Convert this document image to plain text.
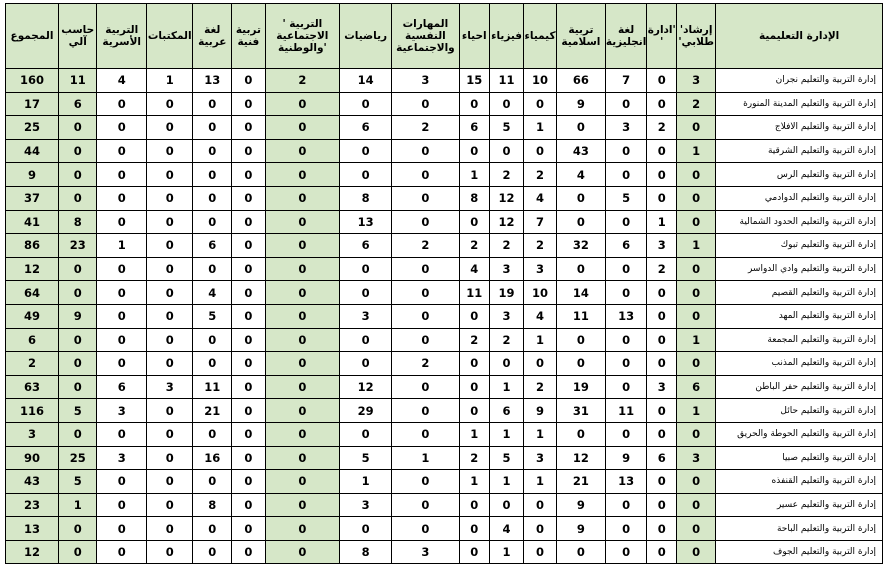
الإدارة التعليمية	إرشاد' طلابي'	'ادارة '	لغة انجليزية	تربية اسلامية	كيمياء	فيزياء	احياء	المهارات النفسية والاجتماعية	رياضيات	التربية ' الاجتماعية 'والوطنية	تربية فنية	لغة عربية	المكتبات	التربية الأسرية	حاسب آلي	المجموع
إدارة التربية والتعليم نجران	3	0	7	66	10	11	15	3	14	2	0	13	1	4	11	160
إدارة التربية والتعليم المدينة المنورة	2	0	0	9	0	0	0	0	0	0	0	0	0	0	6	17
إدارة التربية والتعليم الافلاج	0	2	3	0	1	5	6	2	6	0	0	0	0	0	0	25
إدارة التربية والتعليم الشرقية	1	0	0	43	0	0	0	0	0	0	0	0	0	0	0	44
إدارة التربية والتعليم الرس	0	0	0	4	2	2	1	0	0	0	0	0	0	0	0	9
إدارة التربية والتعليم الدوادمي	0	0	5	0	4	12	8	0	8	0	0	0	0	0	0	37
إدارة التربية والتعليم الحدود الشمالية	0	1	0	0	7	12	0	0	13	0	0	0	0	0	8	41
إدارة التربية والتعليم تبوك	1	3	6	32	2	2	2	2	6	0	0	6	0	1	23	86
إدارة التربية والتعليم وادي الدواسر	0	2	0	0	3	3	4	0	0	0	0	0	0	0	0	12
إدارة التربية والتعليم القصيم	0	0	0	14	10	19	11	0	0	0	0	4	0	0	0	64
إدارة التربية والتعليم المهد	0	0	13	11	4	3	0	0	3	0	0	5	0	0	9	49
إدارة التربية والتعليم المجمعة	1	0	0	0	1	2	2	0	0	0	0	0	0	0	0	6
إدارة التربية والتعليم المذنب	0	0	0	0	0	0	0	2	0	0	0	0	0	0	0	2
إدارة التربية والتعليم حفر الباطن	6	3	0	19	2	1	0	0	12	0	0	11	3	6	0	63
إدارة التربية والتعليم حائل	1	0	11	31	9	6	0	0	29	0	0	21	0	3	5	116
إدارة التربية والتعليم الحوطة والحريق	0	0	0	0	1	1	1	0	0	0	0	0	0	0	0	3
إدارة التربية والتعليم صبيا	3	6	9	12	3	5	2	1	5	0	0	16	0	3	25	90
إدارة التربية والتعليم القنفذه	0	0	13	21	1	1	1	0	1	0	0	0	0	0	5	43
إدارة التربية والتعليم عسير	0	0	0	9	0	0	0	0	3	0	0	8	0	0	1	23
إدارة التربية والتعليم الباحة	0	0	0	9	0	4	0	0	0	0	0	0	0	0	0	13
إدارة التربية والتعليم الجوف	0	0	0	0	0	1	0	3	8	0	0	0	0	0	0	12
